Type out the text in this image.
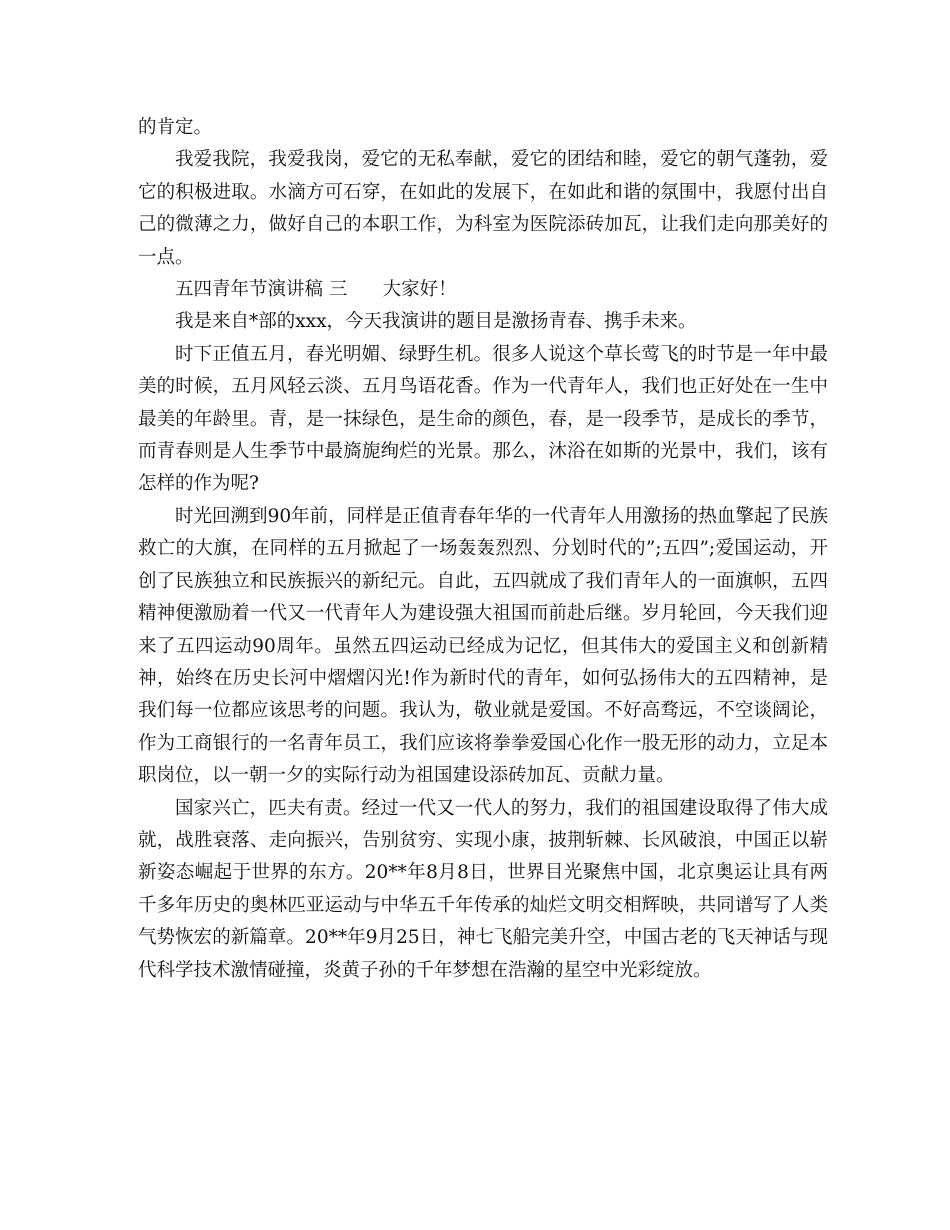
的肯定。

我爱我院，我爱我岗，爱它的无私奉献，爱它的团结和睦，爱它的朝气蓬勃，爱它的积极进取。水滴方可石穿，在如此的发展下，在如此和谐的氛围中，我愿付出自己的微薄之力，做好自己的本职工作，为科室为医院添砖加瓦，让我们走向那美好的一点。

五四青年节演讲稿 三      大家好！

我是来自*部的xxx，今天我演讲的题目是激扬青春、携手未来。

时下正值五月，春光明媚、绿野生机。很多人说这个草长莺飞的时节是一年中最美的时候，五月风轻云淡、五月鸟语花香。作为一代青年人，我们也正好处在一生中最美的年龄里。青，是一抹绿色，是生命的颜色，春，是一段季节，是成长的季节，而青春则是人生季节中最旖旎绚烂的光景。那么，沐浴在如斯的光景中，我们，该有怎样的作为呢?

时光回溯到90年前，同样是正值青春年华的一代青年人用激扬的热血擎起了民族救亡的大旗，在同样的五月掀起了一场轰轰烈烈、分划时代的”;五四”;爱国运动，开创了民族独立和民族振兴的新纪元。自此，五四就成了我们青年人的一面旗帜，五四精神便激励着一代又一代青年人为建设强大祖国而前赴后继。岁月轮回，今天我们迎来了五四运动90周年。虽然五四运动已经成为记忆，但其伟大的爱国主义和创新精神，始终在历史长河中熠熠闪光!作为新时代的青年，如何弘扬伟大的五四精神，是我们每一位都应该思考的问题。我认为，敬业就是爱国。不好高骛远，不空谈阔论，作为工商银行的一名青年员工，我们应该将拳拳爱国心化作一股无形的动力，立足本职岗位，以一朝一夕的实际行动为祖国建设添砖加瓦、贡献力量。

国家兴亡，匹夫有责。经过一代又一代人的努力，我们的祖国建设取得了伟大成就，战胜衰落、走向振兴，告别贫穷、实现小康，披荆斩棘、长风破浪，中国正以崭新姿态崛起于世界的东方。20**年8月8日，世界目光聚焦中国，北京奥运让具有两千多年历史的奥林匹亚运动与中华五千年传承的灿烂文明交相辉映，共同谱写了人类气势恢宏的新篇章。20**年9月25日，神七飞船完美升空，中国古老的飞天神话与现代科学技术激情碰撞，炎黄子孙的千年梦想在浩瀚的星空中光彩绽放。
